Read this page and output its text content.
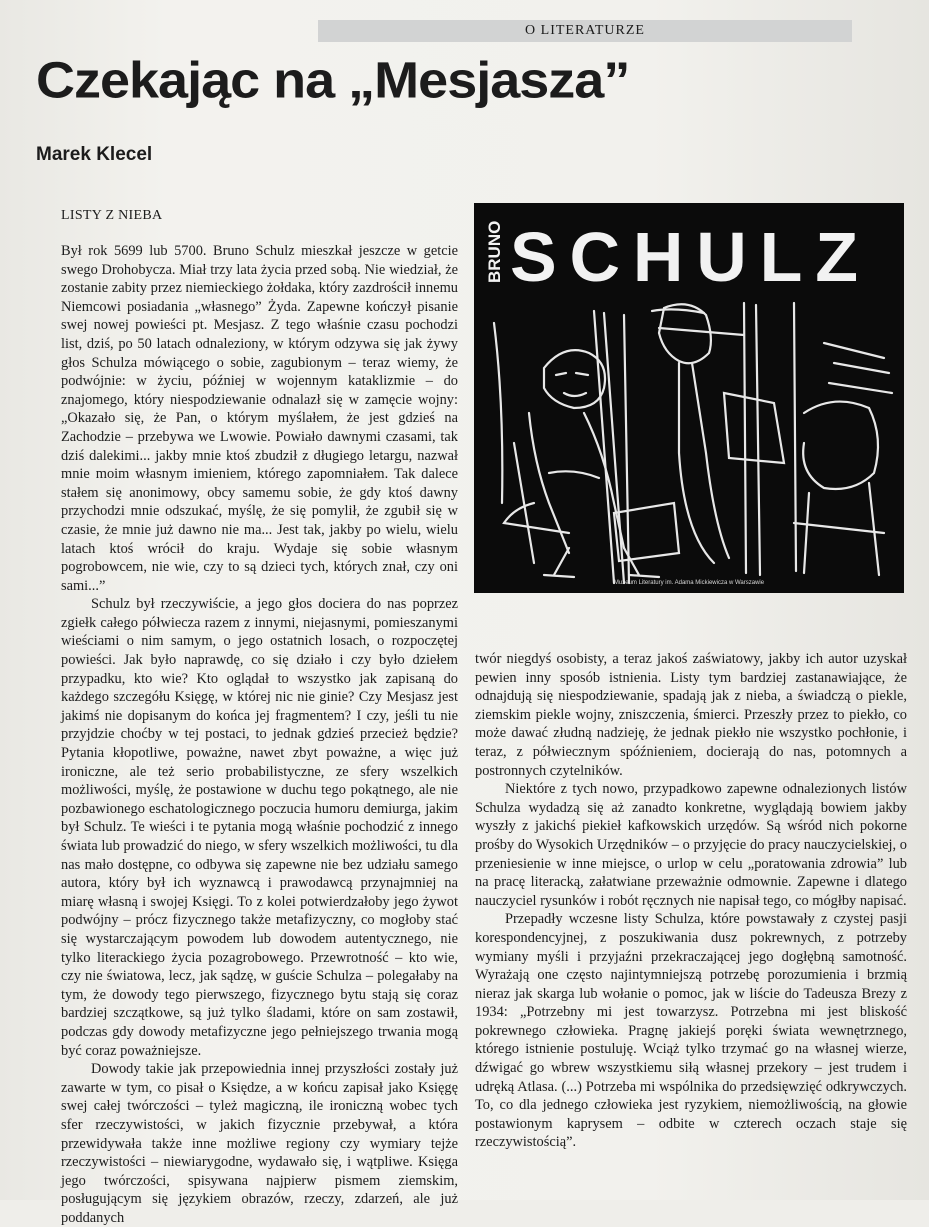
O LITERATURZE
Czekając na „Mesjasza”
Marek Klecel
LISTY Z NIEBA

Był rok 5699 lub 5700. Bruno Schulz mieszkał jeszcze w getcie swego Drohobycza. Miał trzy lata życia przed sobą. Nie wiedział, że zostanie zabity przez niemieckiego żołdaka, który zazdrościł innemu Niemcowi posiadania „własnego” Żyda. Zapewne kończył pisanie swej nowej powieści pt. Mesjasz. Z tego właśnie czasu pochodzi list, dziś, po 50 latach odnaleziony, w którym odzywa się jak żywy głos Schulza mówiącego o sobie, zagubionym – teraz wiemy, że podwójnie: w życiu, później w wojennym kataklizmie – do znajomego, który niespodziewanie odnalazł się w zamęcie wojny: „Okazało się, że Pan, o którym myślałem, że jest gdzieś na Zachodzie – przebywa we Lwowie. Powiało dawnymi czasami, tak dziś dalekimi... jakby mnie ktoś zbudził z długiego letargu, nazwał mnie moim własnym imieniem, którego zapomniałem. Tak dalece stałem się anonimowy, obcy samemu sobie, że gdy ktoś dawny przychodzi mnie odszukać, myślę, że się pomylił, że zgubił się w czasie, że mnie już dawno nie ma... Jest tak, jakby po wielu, wielu latach ktoś wrócił do kraju. Wydaje się sobie własnym pogrobowcem, nie wie, czy to są dzieci tych, których znał, czy oni sami...”

Schulz był rzeczywiście, a jego głos dociera do nas poprzez zgiełk całego półwiecza razem z innymi, niejasnymi, pomieszanymi wieściami o nim samym, o jego ostatnich losach, o rozpoczętej powieści. Jak było naprawdę, co się działo i czy było dziełem przypadku, kto wie? Kto oglądał to wszystko jak zapisaną do każdego szczegółu Księgę, w której nic nie ginie? Czy Mesjasz jest jakimś nie dopisanym do końca jej fragmentem? I czy, jeśli tu nie przyjdzie choćby w tej postaci, to jednak gdzieś przecież będzie? Pytania kłopotliwe, poważne, nawet zbyt poważne, a więc już ironiczne, ale też serio probabilistyczne, ze sfery wszelkich możliwości, myślę, że postawione w duchu tego pokątnego, ale nie pozbawionego eschatologicznego poczucia humoru demiurga, jakim był Schulz. Te wieści i te pytania mogą właśnie pochodzić z innego świata lub prowadzić do niego, w sfery wszelkich możliwości, tu dla nas mało dostępne, co odbywa się zapewne nie bez udziału samego autora, który był ich wyznawcą i prawodawcą przynajmniej na miarę własną i swojej Księgi. To z kolei potwierdzałoby jego żywot podwójny – prócz fizycznego także metafizyczny, co mogłoby stać się wystarczającym powodem lub dowodem autentycznego, nie tylko literackiego życia pozagrobowego. Przewrotność – kto wie, czy nie światowa, lecz, jak sądzę, w guście Schulza – polegałaby na tym, że dowody tego pierwszego, fizycznego bytu stają się coraz bardziej szczątkowe, są już tylko śladami, które on sam zostawił, podczas gdy dowody metafizyczne jego pełniejszego trwania mogą być coraz poważniejsze.

Dowody takie jak przepowiednia innej przyszłości zostały już zawarte w tym, co pisał o Księdze, a w końcu zapisał jako Księgę swej całej twórczości – tyleż magiczną, ile ironiczną wobec tych sfer rzeczywistości, w jakich fizycznie przebywał, a która przewidywała także inne możliwe regiony czy wymiary tejże rzeczywistości – niewiarygodne, wydawało się, i wątpliwe. Księga jego twórczości, spisywana najpierw pismem ziemskim, posługującym się językiem obrazów, rzeczy, zdarzeń, ale już poddanych

BRUNO SCHULZ
Muzeum Literatury im. Adama Mickiewicza w Warszawie

twór niegdyś osobisty, a teraz jakoś zaświatowy, jakby ich autor uzyskał pewien inny sposób istnienia. Listy tym bardziej zastanawiające, że odnajdują się niespodziewanie, spadają jak z nieba, a świadczą o piekle, ziemskim piekle wojny, zniszczenia, śmierci. Przeszły przez to piekło, co może dawać złudną nadzieję, że jednak piekło nie wszystko pochłonie, i teraz, z półwiecznym spóźnieniem, docierają do nas, potomnych a postronnych czytelników.

Niektóre z tych nowo, przypadkowo zapewne odnalezionych listów Schulza wydadzą się aż zanadto konkretne, wyglądają bowiem jakby wyszły z jakichś piekieł kafkowskich urzędów. Są wśród nich pokorne prośby do Wysokich Urzędników – o przyjęcie do pracy nauczycielskiej, o przeniesienie w inne miejsce, o urlop w celu „poratowania zdrowia” lub na pracę literacką, załatwiane przeważnie odmownie. Zapewne i dlatego nauczyciel rysunków i robót ręcznych nie napisał tego, co mógłby napisać.

Przepadły wczesne listy Schulza, które powstawały z czystej pasji korespondencyjnej, z poszukiwania dusz pokrewnych, z potrzeby wymiany myśli i przyjaźni przekraczającej jego dogłębną samotność. Wyrażają one często najintymniejszą potrzebę porozumienia i brzmią nieraz jak skarga lub wołanie o pomoc, jak w liście do Tadeusza Brezy z 1934: „Potrzebny mi jest towarzysz. Potrzebna mi jest bliskość pokrewnego człowieka. Pragnę jakiejś poręki świata wewnętrznego, którego istnienie postuluję. Wciąż tylko trzymać go na własnej wierze, dźwigać go wbrew wszystkiemu siłą własnej przekory – jest trudem i udręką Atlasa. (...) Potrzeba mi wspólnika do przedsięwzięć odkrywczych. To, co dla jednego człowieka jest ryzykiem, niemożliwością, na głowie postawionym kaprysem – odbite w czterech oczach staje się rzeczywistością”.
